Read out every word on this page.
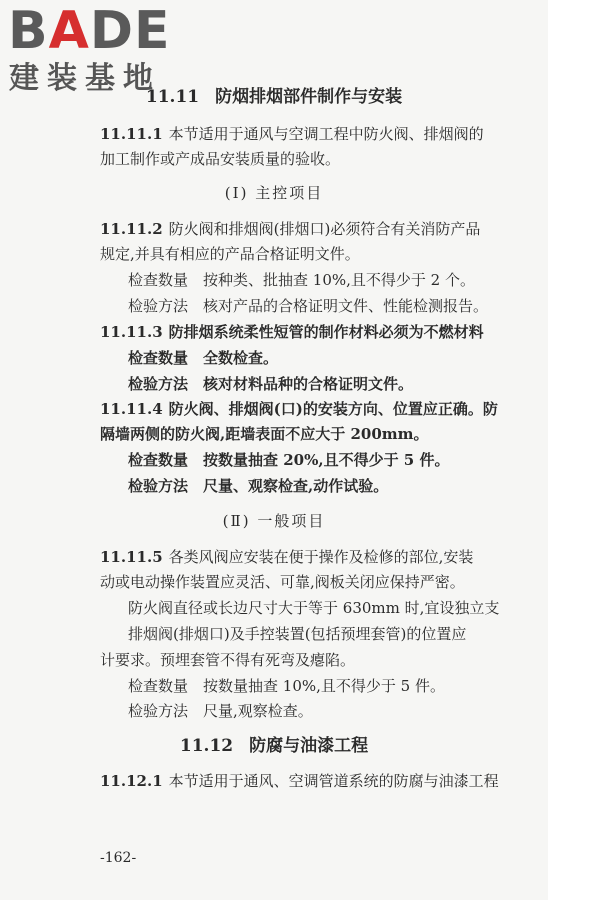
BADE
建装基地
11.11 防烟排烟部件制作与安装
11.11.1 本节适用于通风与空调工程中防火阀、排烟阀的
加工制作或产成品安装质量的验收。
(Ⅰ) 主控项目
11.11.2 防火阀和排烟阀(排烟口)必须符合有关消防产品
规定,并具有相应的产品合格证明文件。
检查数量　按种类、批抽查 10%,且不得少于 2 个。
检验方法　核对产品的合格证明文件、性能检测报告。
11.11.3 防排烟系统柔性短管的制作材料必须为不燃材料
检查数量　全数检查。
检验方法　核对材料品种的合格证明文件。
11.11.4 防火阀、排烟阀(口)的安装方向、位置应正确。防
隔墙两侧的防火阀,距墙表面不应大于 200mm。
检查数量　按数量抽查 20%,且不得少于 5 件。
检验方法　尺量、观察检查,动作试验。
(Ⅱ) 一般项目
11.11.5 各类风阀应安装在便于操作及检修的部位,安装
动或电动操作装置应灵活、可靠,阀板关闭应保持严密。
防火阀直径或长边尺寸大于等于 630mm 时,宜设独立支
排烟阀(排烟口)及手控装置(包括预埋套管)的位置应
计要求。预埋套管不得有死弯及瘪陷。
检查数量　按数量抽查 10%,且不得少于 5 件。
检验方法　尺量,观察检查。
11.12 防腐与油漆工程
11.12.1 本节适用于通风、空调管道系统的防腐与油漆工程
-162-
